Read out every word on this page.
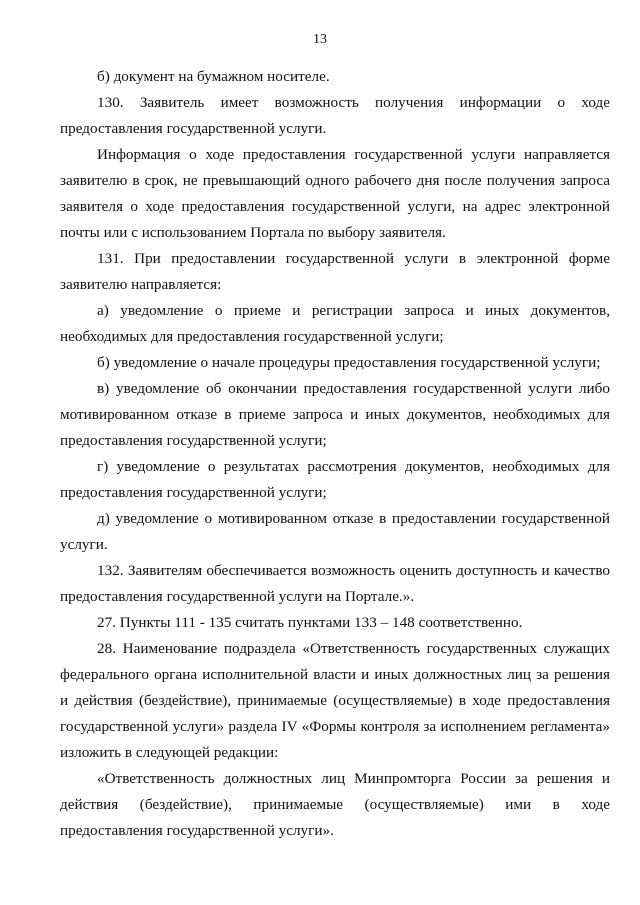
13

б) документ на бумажном носителе.

130. Заявитель имеет возможность получения информации о ходе предоставления государственной услуги.

Информация о ходе предоставления государственной услуги направляется заявителю в срок, не превышающий одного рабочего дня после получения запроса заявителя о ходе предоставления государственной услуги, на адрес электронной почты или с использованием Портала по выбору заявителя.

131. При предоставлении государственной услуги в электронной форме заявителю направляется:

а) уведомление о приеме и регистрации запроса и иных документов, необходимых для предоставления государственной услуги;

б) уведомление о начале процедуры предоставления государственной услуги;

в) уведомление об окончании предоставления государственной услуги либо мотивированном отказе в приеме запроса и иных документов, необходимых для предоставления государственной услуги;

г) уведомление о результатах рассмотрения документов, необходимых для предоставления государственной услуги;

д) уведомление о мотивированном отказе в предоставлении государственной услуги.

132. Заявителям обеспечивается возможность оценить доступность и качество предоставления государственной услуги на Портале.».

27. Пункты 111 - 135 считать пунктами 133 – 148 соответственно.

28. Наименование подраздела «Ответственность государственных служащих федерального органа исполнительной власти и иных должностных лиц за решения и действия (бездействие), принимаемые (осуществляемые) в ходе предоставления государственной услуги» раздела IV «Формы контроля за исполнением регламента» изложить в следующей редакции:

«Ответственность должностных лиц Минпромторга России за решения и действия (бездействие), принимаемые (осуществляемые) ими в ходе предоставления государственной услуги».
